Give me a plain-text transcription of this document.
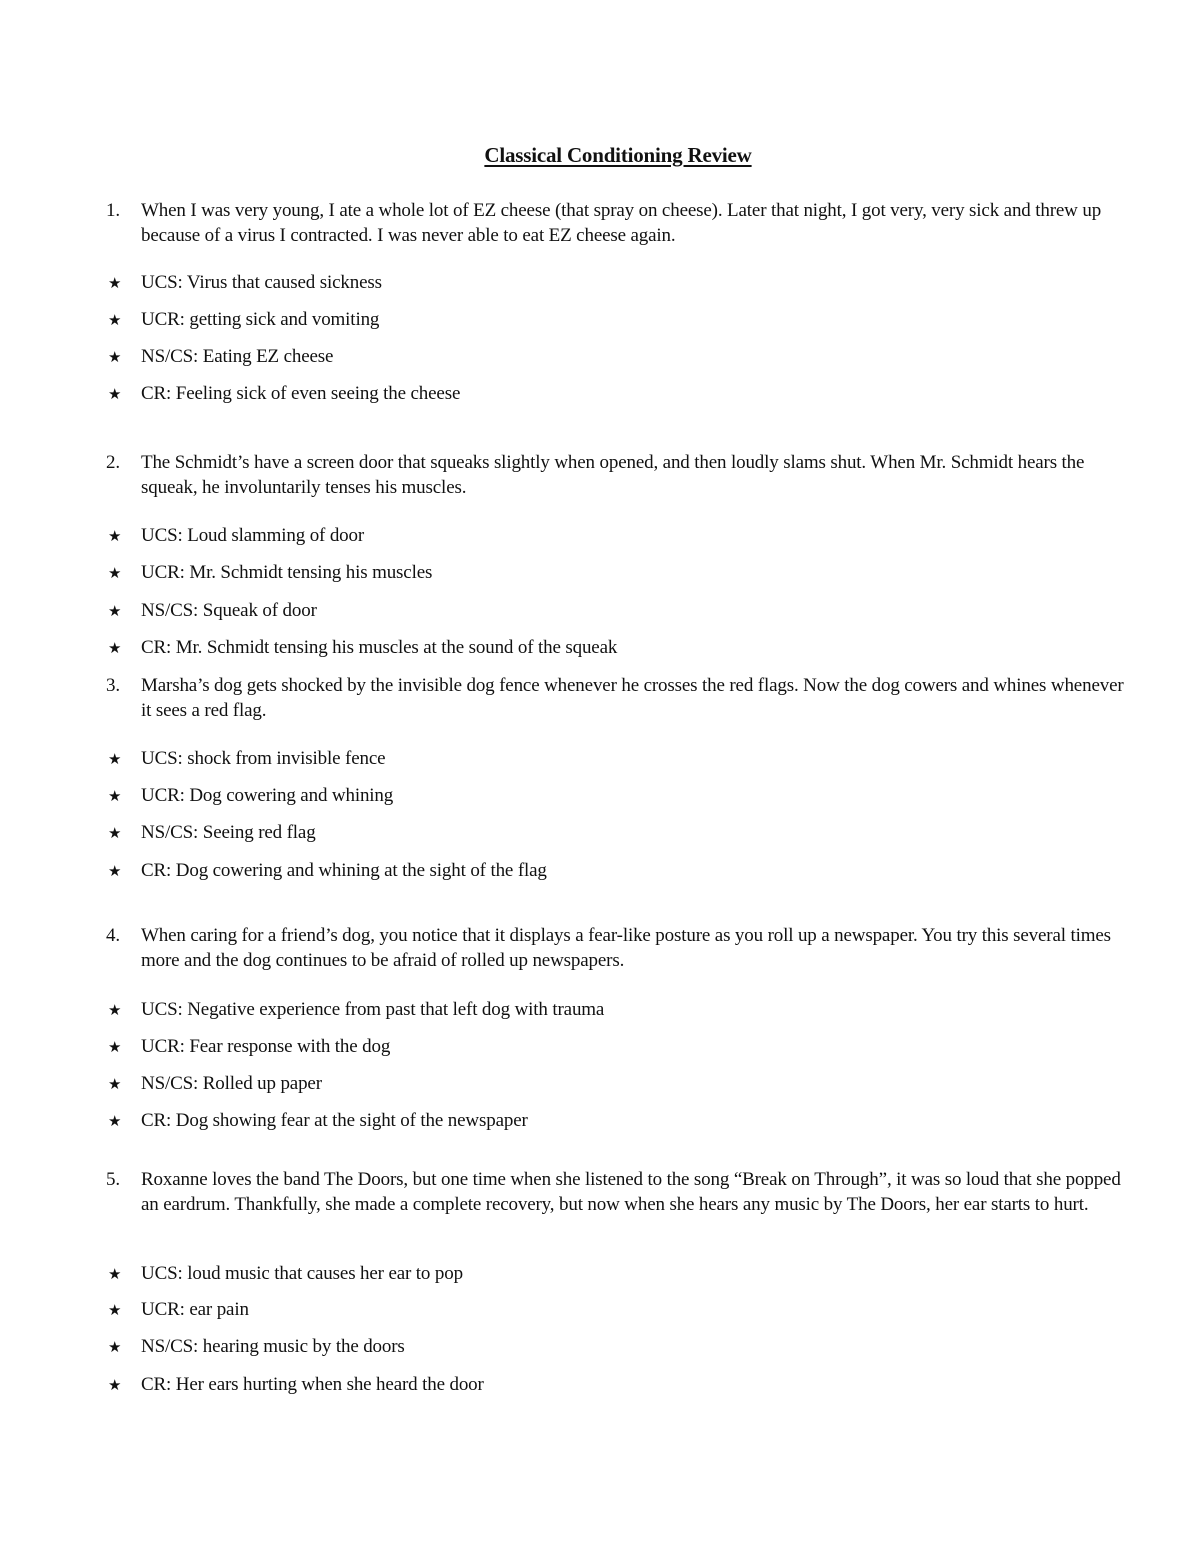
Classical Conditioning Review
1. When I was very young, I ate a whole lot of EZ cheese (that spray on cheese). Later that night, I got very, very sick and threw up because of a virus I contracted. I was never able to eat EZ cheese again.
★ UCS: Virus that caused sickness
★ UCR: getting sick and vomiting
★ NS/CS: Eating EZ cheese
★ CR: Feeling sick of even seeing the cheese
2. The Schmidt’s have a screen door that squeaks slightly when opened, and then loudly slams shut. When Mr. Schmidt hears the squeak, he involuntarily tenses his muscles.
★ UCS: Loud slamming of door
★ UCR: Mr. Schmidt tensing his muscles
★ NS/CS: Squeak of door
★ CR: Mr. Schmidt tensing his muscles at the sound of the squeak
3. Marsha’s dog gets shocked by the invisible dog fence whenever he crosses the red flags. Now the dog cowers and whines whenever it sees a red flag.
★ UCS: shock from invisible fence
★ UCR: Dog cowering and whining
★ NS/CS: Seeing red flag
★ CR: Dog cowering and whining at the sight of the flag
4. When caring for a friend’s dog, you notice that it displays a fear-like posture as you roll up a newspaper. You try this several times more and the dog continues to be afraid of rolled up newspapers.
★ UCS: Negative experience from past that left dog with trauma
★ UCR: Fear response with the dog
★ NS/CS: Rolled up paper
★ CR: Dog showing fear at the sight of the newspaper
5. Roxanne loves the band The Doors, but one time when she listened to the song “Break on Through”, it was so loud that she popped an eardrum. Thankfully, she made a complete recovery, but now when she hears any music by The Doors, her ear starts to hurt.
★ UCS: loud music that causes her ear to pop
★ UCR: ear pain
★ NS/CS: hearing music by the doors
★ CR: Her ears hurting when she heard the door
